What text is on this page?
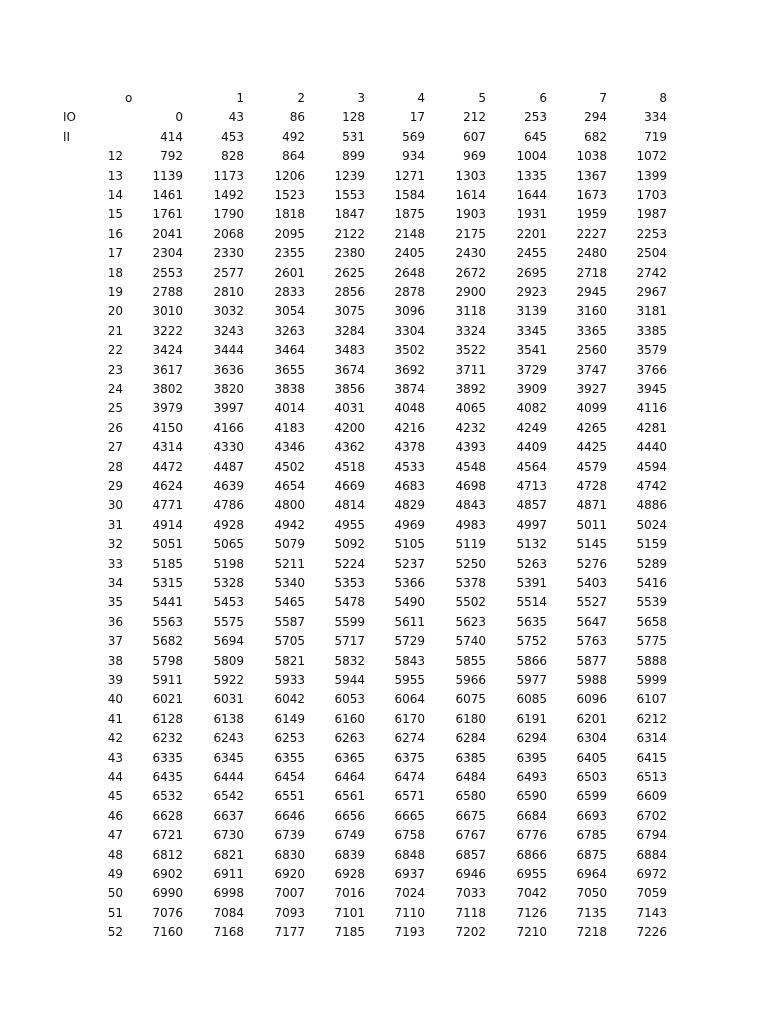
o	1	2	3	4	5	6	7	8
IO	0	43	86	128	17	212	253	294	334
II	414	453	492	531	569	607	645	682	719
12	792	828	864	899	934	969	1004	1038	1072
13	1139	1173	1206	1239	1271	1303	1335	1367	1399
14	1461	1492	1523	1553	1584	1614	1644	1673	1703
15	1761	1790	1818	1847	1875	1903	1931	1959	1987
16	2041	2068	2095	2122	2148	2175	2201	2227	2253
17	2304	2330	2355	2380	2405	2430	2455	2480	2504
18	2553	2577	2601	2625	2648	2672	2695	2718	2742
19	2788	2810	2833	2856	2878	2900	2923	2945	2967
20	3010	3032	3054	3075	3096	3118	3139	3160	3181
21	3222	3243	3263	3284	3304	3324	3345	3365	3385
22	3424	3444	3464	3483	3502	3522	3541	2560	3579
23	3617	3636	3655	3674	3692	3711	3729	3747	3766
24	3802	3820	3838	3856	3874	3892	3909	3927	3945
25	3979	3997	4014	4031	4048	4065	4082	4099	4116
26	4150	4166	4183	4200	4216	4232	4249	4265	4281
27	4314	4330	4346	4362	4378	4393	4409	4425	4440
28	4472	4487	4502	4518	4533	4548	4564	4579	4594
29	4624	4639	4654	4669	4683	4698	4713	4728	4742
30	4771	4786	4800	4814	4829	4843	4857	4871	4886
31	4914	4928	4942	4955	4969	4983	4997	5011	5024
32	5051	5065	5079	5092	5105	5119	5132	5145	5159
33	5185	5198	5211	5224	5237	5250	5263	5276	5289
34	5315	5328	5340	5353	5366	5378	5391	5403	5416
35	5441	5453	5465	5478	5490	5502	5514	5527	5539
36	5563	5575	5587	5599	5611	5623	5635	5647	5658
37	5682	5694	5705	5717	5729	5740	5752	5763	5775
38	5798	5809	5821	5832	5843	5855	5866	5877	5888
39	5911	5922	5933	5944	5955	5966	5977	5988	5999
40	6021	6031	6042	6053	6064	6075	6085	6096	6107
41	6128	6138	6149	6160	6170	6180	6191	6201	6212
42	6232	6243	6253	6263	6274	6284	6294	6304	6314
43	6335	6345	6355	6365	6375	6385	6395	6405	6415
44	6435	6444	6454	6464	6474	6484	6493	6503	6513
45	6532	6542	6551	6561	6571	6580	6590	6599	6609
46	6628	6637	6646	6656	6665	6675	6684	6693	6702
47	6721	6730	6739	6749	6758	6767	6776	6785	6794
48	6812	6821	6830	6839	6848	6857	6866	6875	6884
49	6902	6911	6920	6928	6937	6946	6955	6964	6972
50	6990	6998	7007	7016	7024	7033	7042	7050	7059
51	7076	7084	7093	7101	7110	7118	7126	7135	7143
52	7160	7168	7177	7185	7193	7202	7210	7218	7226
